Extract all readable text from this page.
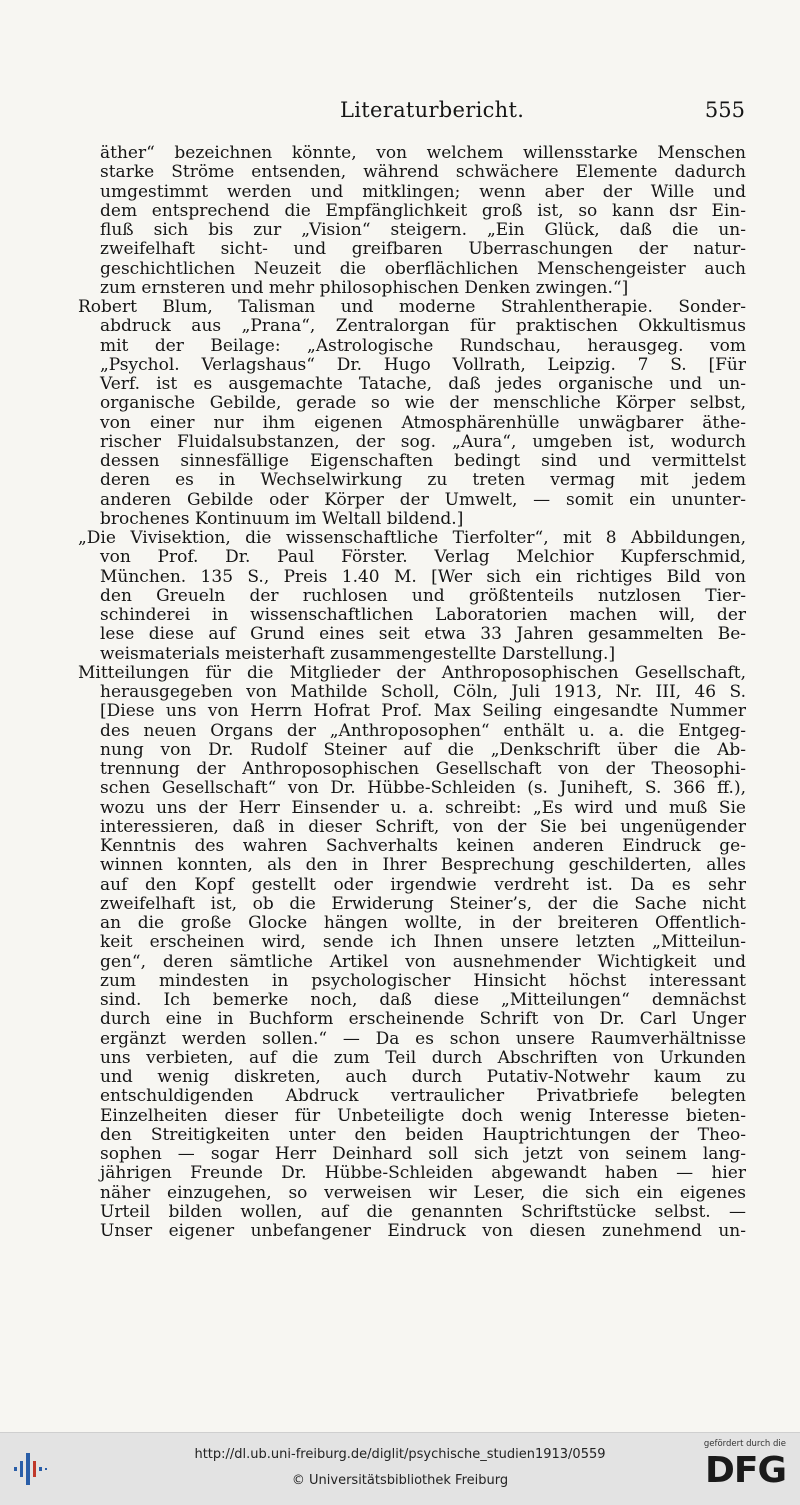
Literaturbericht.	555
äther“ bezeichnen könnte, von welchem willensstarke Menschen
starke Ströme entsenden, während schwächere Elemente dadurch
umgestimmt werden und mitklingen; wenn aber der Wille und
dem entsprechend die Empfänglichkeit groß ist, so kann dsr Ein-
fluß sich bis zur „Vision“ steigern. „Ein Glück, daß die un-
zweifelhaft sicht- und greifbaren Überraschungen der natur-
geschichtlichen Neuzeit die oberflächlichen Menschengeister auch
zum ernsteren und mehr philosophischen Denken zwingen.“]
Robert Blum, Talisman und moderne Strahlentherapie. Sonder-
abdruck aus „Prana“, Zentralorgan für praktischen Okkultismus
mit der Beilage: „Astrologische Rundschau, herausgeg. vom
„Psychol. Verlagshaus“ Dr. Hugo Vollrath, Leipzig. 7 S. [Für
Verf. ist es ausgemachte Tatache, daß jedes organische und un-
organische Gebilde, gerade so wie der menschliche Körper selbst,
von einer nur ihm eigenen Atmosphärenhülle unwägbarer äthe-
rischer Fluidalsubstanzen, der sog. „Aura“, umgeben ist, wodurch
dessen sinnesfällige Eigenschaften bedingt sind und vermittelst
deren es in Wechselwirkung zu treten vermag mit jedem
anderen Gebilde oder Körper der Umwelt, — somit ein ununter-
brochenes Kontinuum im Weltall bildend.]
„Die Vivisektion, die wissenschaftliche Tierfolter“, mit 8 Abbildungen,
von Prof. Dr. Paul Förster. Verlag Melchior Kupferschmid,
München. 135 S., Preis 1.40 M. [Wer sich ein richtiges Bild von
den Greueln der ruchlosen und größtenteils nutzlosen Tier-
schinderei in wissenschaftlichen Laboratorien machen will, der
lese diese auf Grund eines seit etwa 33 Jahren gesammelten Be-
weismaterials meisterhaft zusammengestellte Darstellung.]
Mitteilungen für die Mitglieder der Anthroposophischen Gesellschaft,
herausgegeben von Mathilde Scholl, Cöln, Juli 1913, Nr. III, 46 S.
[Diese uns von Herrn Hofrat Prof. Max Seiling eingesandte Nummer
des neuen Organs der „Anthroposophen“ enthält u. a. die Entgeg-
nung von Dr. Rudolf Steiner auf die „Denkschrift über die Ab-
trennung der Anthroposophischen Gesellschaft von der Theosophi-
schen Gesellschaft“ von Dr. Hübbe-Schleiden (s. Juniheft, S. 366 ff.),
wozu uns der Herr Einsender u. a. schreibt: „Es wird und muß Sie
interessieren, daß in dieser Schrift, von der Sie bei ungenügender
Kenntnis des wahren Sachverhalts keinen anderen Eindruck ge-
winnen konnten, als den in Ihrer Besprechung geschilderten, alles
auf den Kopf gestellt oder irgendwie verdreht ist. Da es sehr
zweifelhaft ist, ob die Erwiderung Steiner’s, der die Sache nicht
an die große Glocke hängen wollte, in der breiteren Öffentlich-
keit erscheinen wird, sende ich Ihnen unsere letzten „Mitteilun-
gen“, deren sämtliche Artikel von ausnehmender Wichtigkeit und
zum mindesten in psychologischer Hinsicht höchst interessant
sind. Ich bemerke noch, daß diese „Mitteilungen“ demnächst
durch eine in Buchform erscheinende Schrift von Dr. Carl Unger
ergänzt werden sollen.“ — Da es schon unsere Raumverhältnisse
uns verbieten, auf die zum Teil durch Abschriften von Urkunden
und wenig diskreten, auch durch Putativ-Notwehr kaum zu
entschuldigenden Abdruck vertraulicher Privatbriefe belegten
Einzelheiten dieser für Unbeteiligte doch wenig Interesse bieten-
den Streitigkeiten unter den beiden Hauptrichtungen der Theo-
sophen — sogar Herr Deinhard soll sich jetzt von seinem lang-
jährigen Freunde Dr. Hübbe-Schleiden abgewandt haben — hier
näher einzugehen, so verweisen wir Leser, die sich ein eigenes
Urteil bilden wollen, auf die genannten Schriftstücke selbst. —
Unser eigener unbefangener Eindruck von diesen zunehmend un-
http://dl.ub.uni-freiburg.de/diglit/psychische_studien1913/0559
© Universitätsbibliothek Freiburg
gefördert durch die
DFG
